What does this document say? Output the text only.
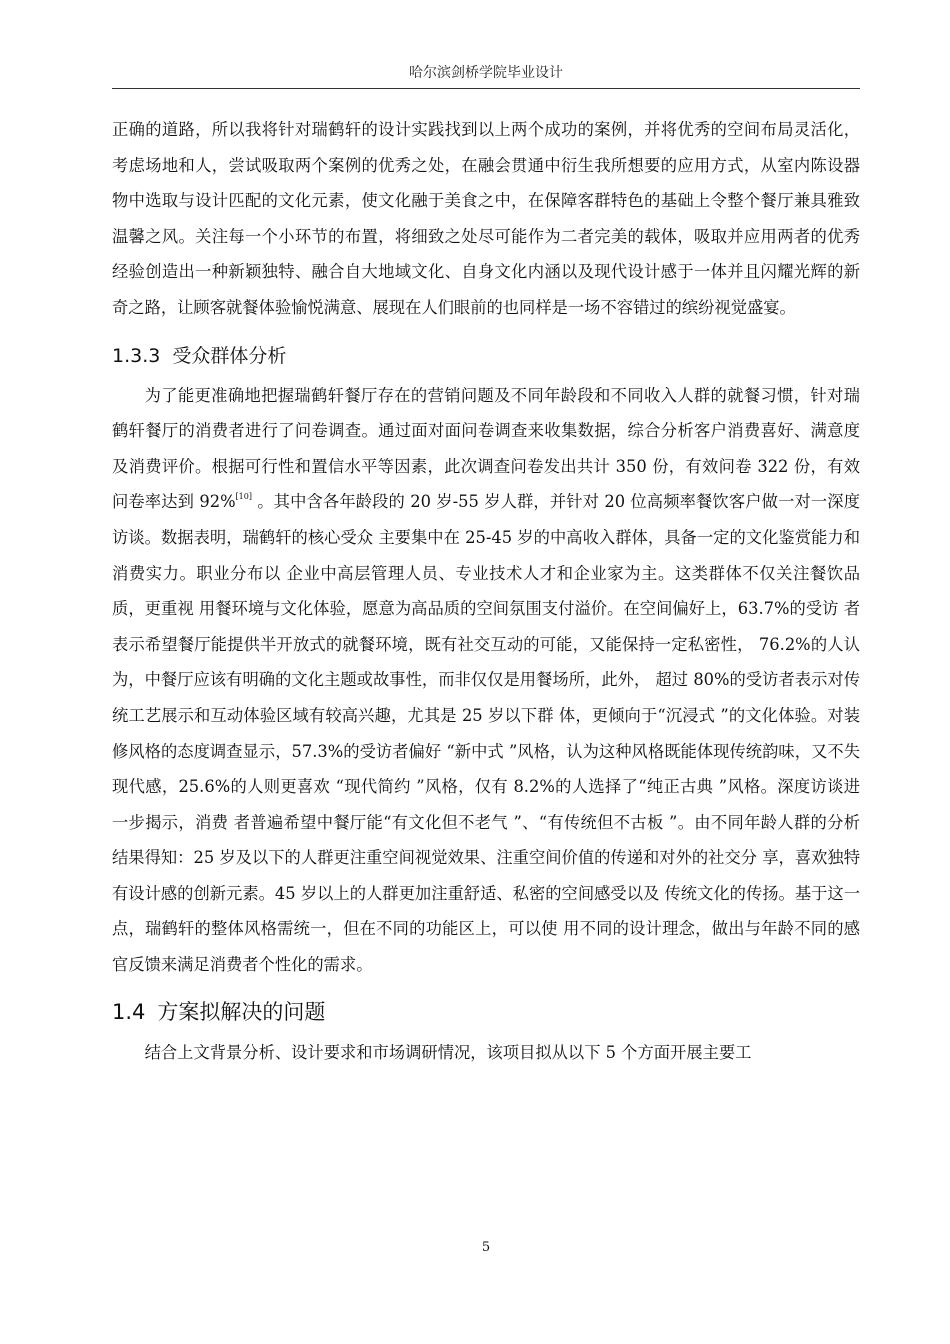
哈尔滨剑桥学院毕业设计

正确的道路，所以我将针对瑞鹤轩的设计实践找到以上两个成功的案例，并将优秀的空间布局灵活化，考虑场地和人，尝试吸取两个案例的优秀之处，在融会贯通中衍生我所想要的应用方式，从室内陈设器物中选取与设计匹配的文化元素，使文化融于美食之中，在保障客群特色的基础上令整个餐厅兼具雅致温馨之风。关注每一个小环节的布置，将细致之处尽可能作为二者完美的载体，吸取并应用两者的优秀经验创造出一种新颖独特、融合自大地域文化、自身文化内涵以及现代设计感于一体并且闪耀光辉的新奇之路，让顾客就餐体验愉悦满意、展现在人们眼前的也同样是一场不容错过的缤纷视觉盛宴。

1.3.3 受众群体分析

为了能更准确地把握瑞鹤轩餐厅存在的营销问题及不同年龄段和不同收入人群的就餐习惯，针对瑞鹤轩餐厅的消费者进行了问卷调查。通过面对面问卷调查来收集数据，综合分析客户消费喜好、满意度及消费评价。根据可行性和置信水平等因素，此次调查问卷发出共计 350 份，有效问卷 322 份，有效问卷率达到 92%[10] 。其中含各年龄段的 20 岁-55 岁人群，并针对 20 位高频率餐饮客户做一对一深度访谈。数据表明，瑞鹤轩的核心受众 主要集中在 25-45 岁的中高收入群体，具备一定的文化鉴赏能力和消费实力。职业分布以 企业中高层管理人员、专业技术人才和企业家为主。这类群体不仅关注餐饮品质，更重视 用餐环境与文化体验，愿意为高品质的空间氛围支付溢价。在空间偏好上，63.7%的受访 者表示希望餐厅能提供半开放式的就餐环境，既有社交互动的可能，又能保持一定私密性， 76.2%的人认为，中餐厅应该有明确的文化主题或故事性，而非仅仅是用餐场所，此外， 超过 80%的受访者表示对传统工艺展示和互动体验区域有较高兴趣，尤其是 25 岁以下群 体，更倾向于“沉浸式 ”的文化体验。对装修风格的态度调查显示，57.3%的受访者偏好 “新中式 ”风格，认为这种风格既能体现传统韵味，又不失现代感，25.6%的人则更喜欢 “现代简约 ”风格，仅有 8.2%的人选择了“纯正古典 ”风格。深度访谈进一步揭示，消费 者普遍希望中餐厅能“有文化但不老气 ”、“有传统但不古板 ”。由不同年龄人群的分析 结果得知：25 岁及以下的人群更注重空间视觉效果、注重空间价值的传递和对外的社交分 享，喜欢独特有设计感的创新元素。45 岁以上的人群更加注重舒适、私密的空间感受以及 传统文化的传扬。基于这一点，瑞鹤轩的整体风格需统一，但在不同的功能区上，可以使 用不同的设计理念，做出与年龄不同的感官反馈来满足消费者个性化的需求。

1.4 方案拟解决的问题

结合上文背景分析、设计要求和市场调研情况，该项目拟从以下 5 个方面开展主要工

5
